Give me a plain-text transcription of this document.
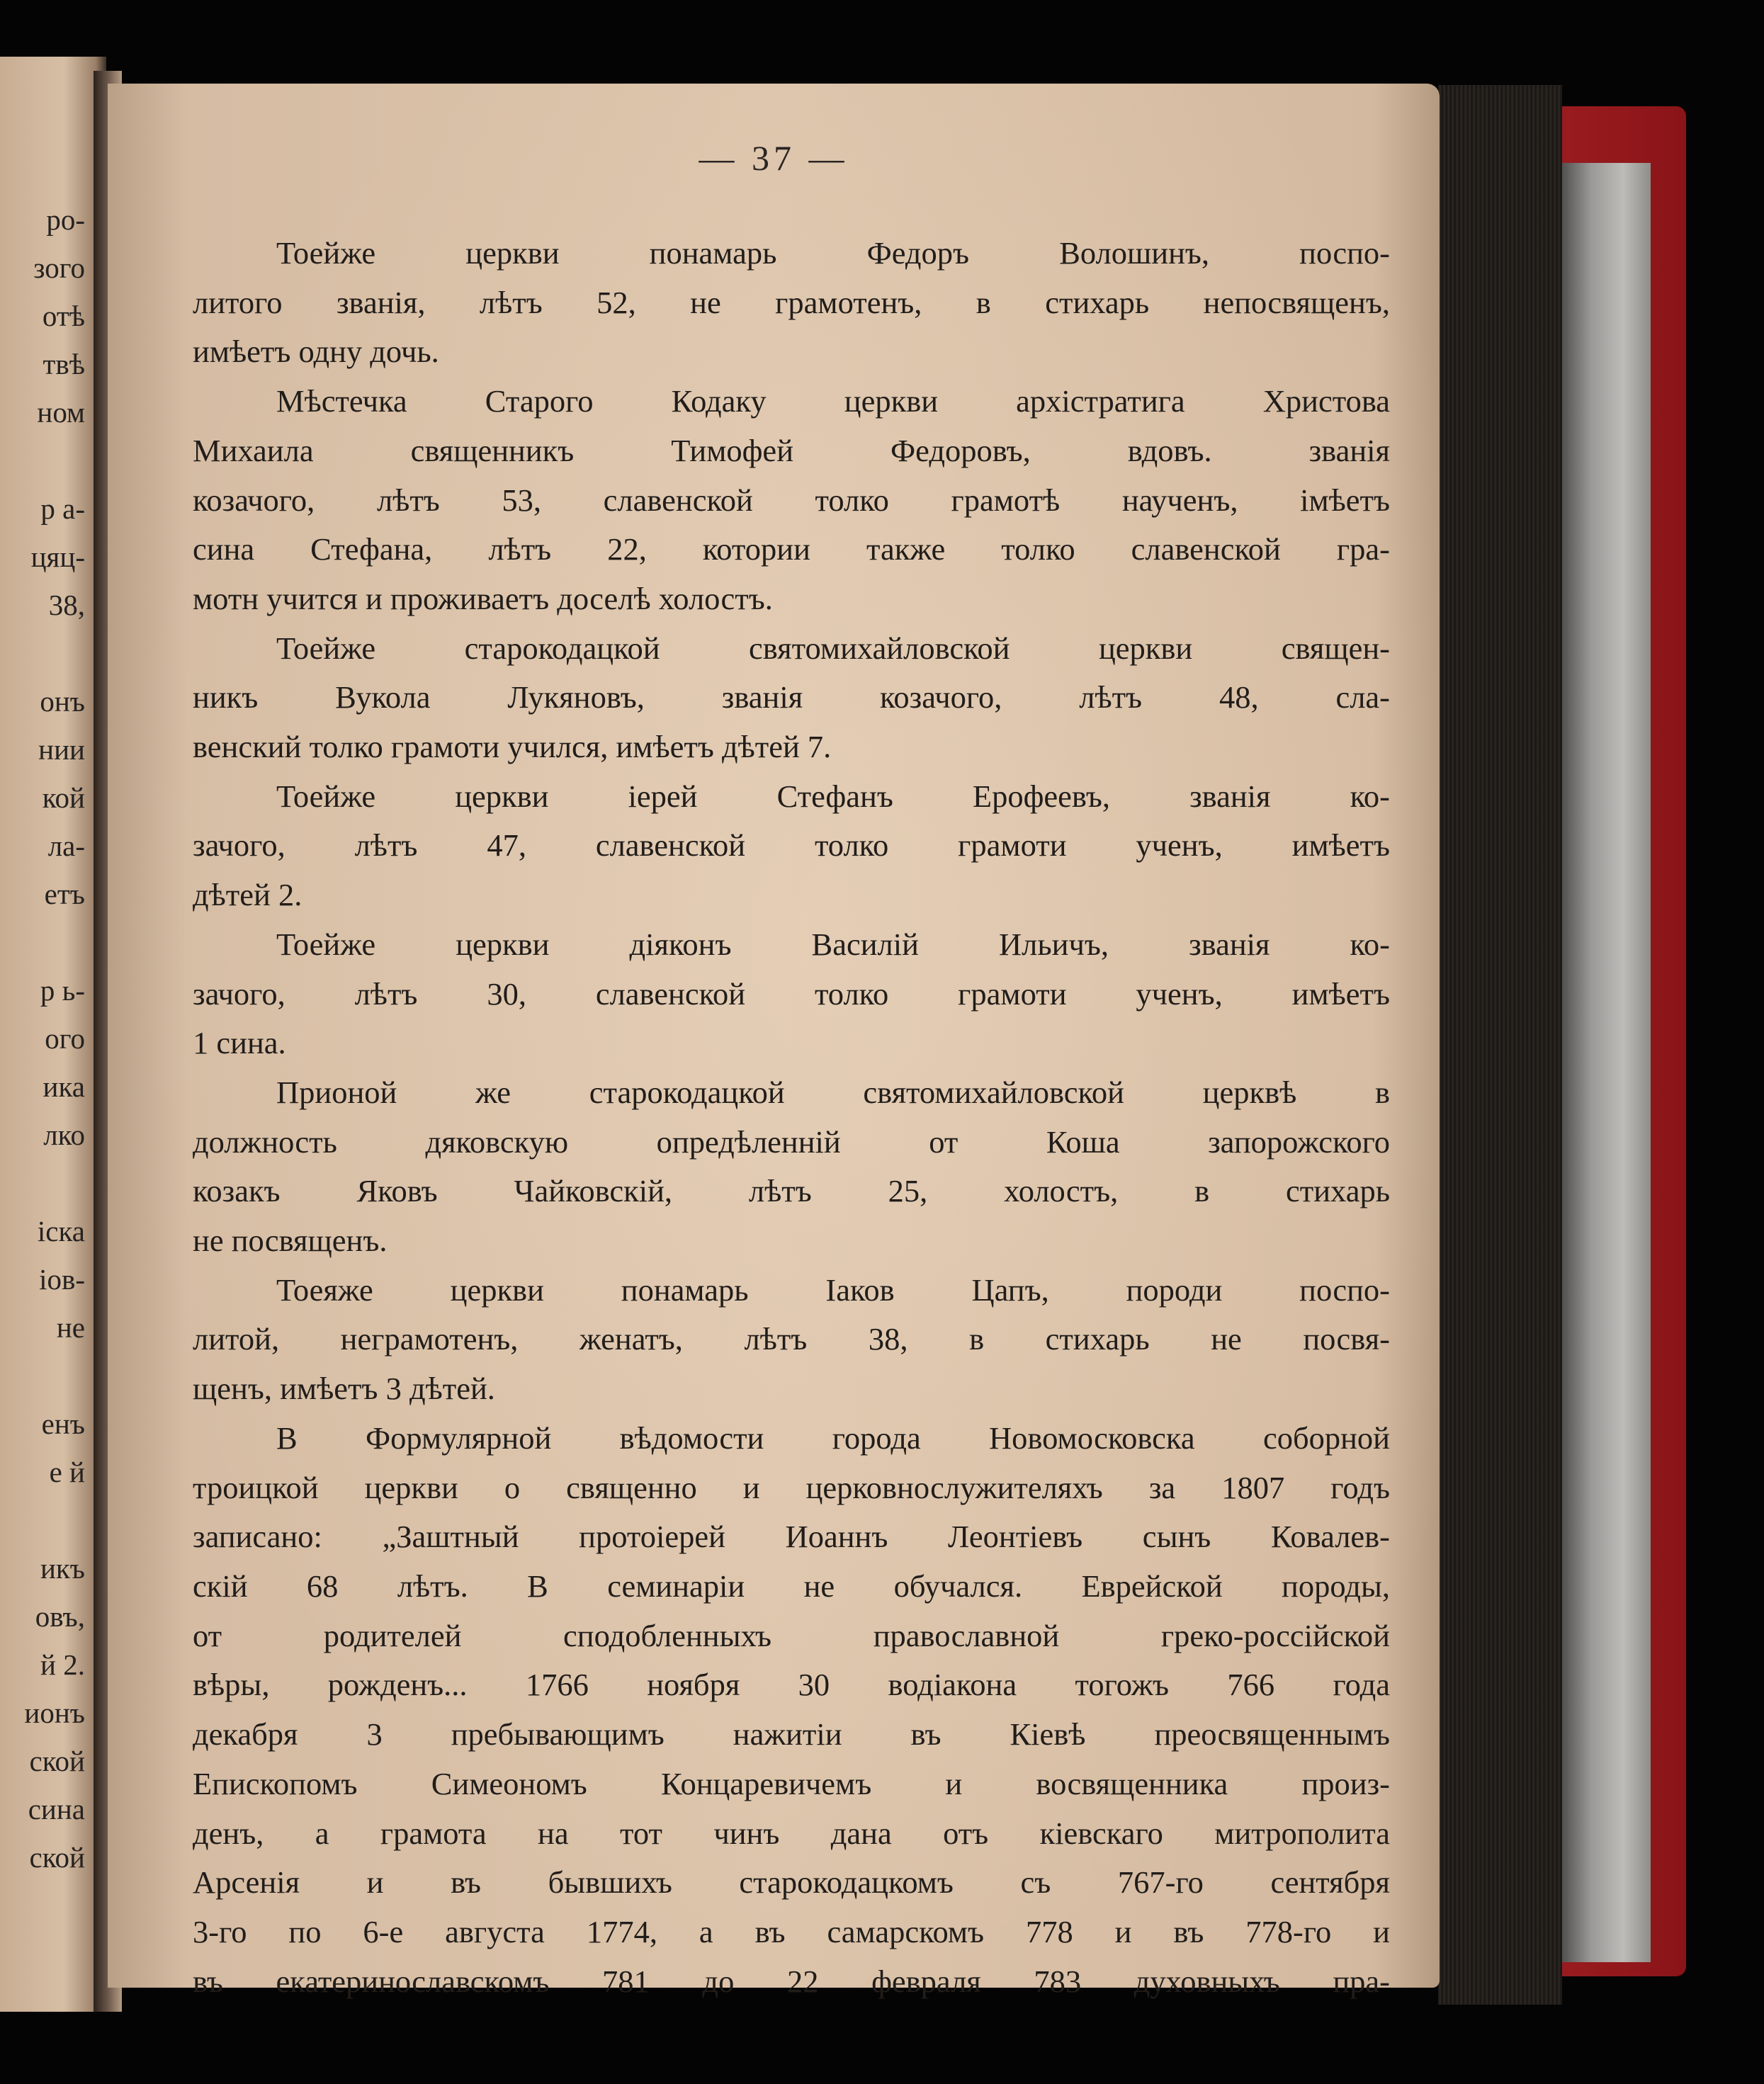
ро-
зого
отѣ
твѣ
ном
р а-
цяц-
38,
онъ
нии
кой
ла-
етъ
р ь-
ого
ика
лко
іска
іов-
не
енъ
е й
икъ
овъ,
й 2.
ионъ
ской
сина
ской
— 37 —
Тоейже церкви понамарь Федоръ Волошинъ, поспо-
литого званія, лѣтъ 52, не грамотенъ, в стихарь непосвященъ,
имѣетъ одну дочь.
Мѣстечка Старого Кодаку церкви архістратига Христова
Михаила священникъ Тимофей Федоровъ, вдовъ. званія
козачого, лѣтъ 53, славенской толко грамотѣ наученъ, імѣетъ
сина Стефана, лѣтъ 22, котории также толко славенской гра-
мотн учится и проживаетъ доселѣ холостъ.
Тоейже старокодацкой святомихайловской церкви священ-
никъ Вукола Лукяновъ, званія козачого, лѣтъ 48, сла-
венский толко грамоти учился, имѣетъ дѣтей 7.
Тоейже церкви іерей Стефанъ Ерофеевъ, званія ко-
зачого, лѣтъ 47, славенской толко грамоти ученъ, имѣетъ
дѣтей 2.
Тоейже церкви діяконъ Василій Ильичъ, званія ко-
зачого, лѣтъ 30, славенской толко грамоти ученъ, имѣетъ
1 сина.
Прионой же старокодацкой святомихайловской церквѣ в
должность дяковскую опредѣленній от Коша запорожского
козакъ Яковъ Чайковскій, лѣтъ 25, холостъ, в стихарь
не посвященъ.
Тоеяже церкви понамарь Іаков Цапъ, породи поспо-
литой, неграмотенъ, женатъ, лѣтъ 38, в стихарь не посвя-
щенъ, имѣетъ 3 дѣтей.
В Формулярной вѣдомости города Новомосковска соборной
троицкой церкви о священно и церковнослужителяхъ за 1807 годъ
записано: „Заштный протоіерей Иоаннъ Леонтіевъ сынъ Ковалев-
скій 68 лѣтъ. В семинаріи не обучался. Еврейской породы,
от родителей сподобленныхъ православной греко-россійской
вѣры, рожденъ... 1766 ноября 30 водіакона тогожъ 766 года
декабря 3 пребывающимъ нажитіи въ Кіевѣ преосвященнымъ
Епископомъ Симеономъ Концаревичемъ и восвященника произ-
денъ, а грамота на тот чинъ дана отъ кіевскаго митрополита
Арсенія и въ бывшихъ старокодацкомъ съ 767-го сентября
3-го по 6-е августа 1774, а въ самарскомъ 778 и въ 778-го и
въ екатеринославскомъ 781 до 22 февраля 783 духовныхъ пра-
